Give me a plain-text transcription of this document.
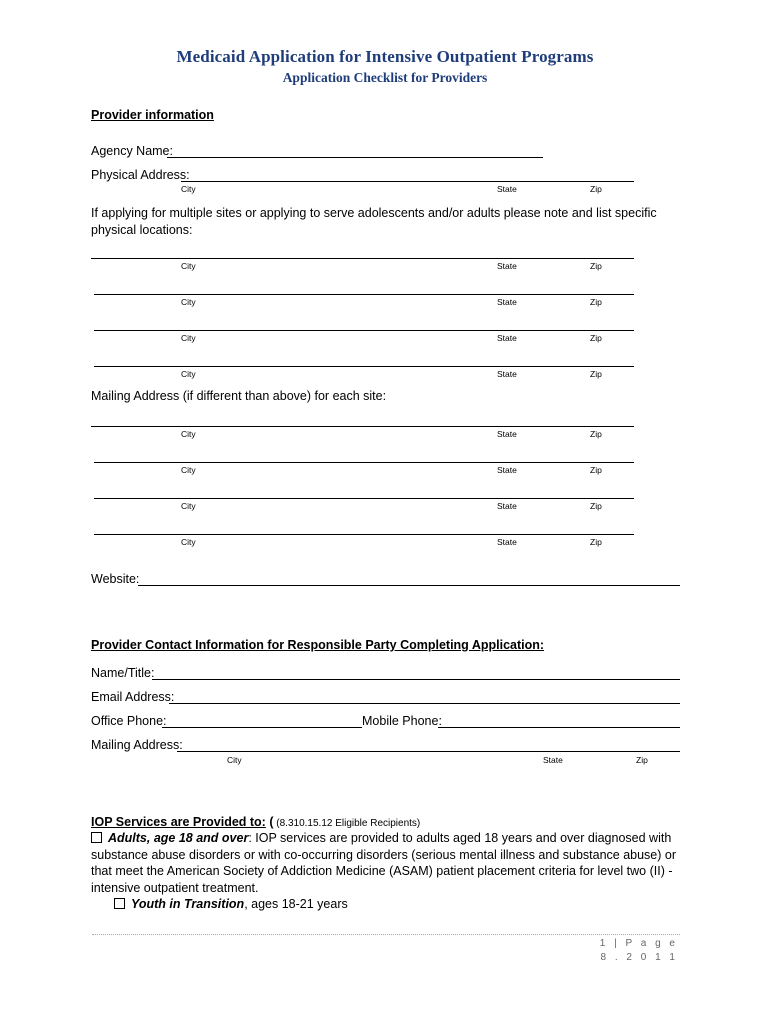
Medicaid Application for Intensive Outpatient Programs
Application Checklist for Providers
Provider information
Agency Name:
Physical Address:
City	State	Zip
If applying for multiple sites or applying to serve adolescents and/or adults please note and list specific physical locations:
City	State	Zip
City	State	Zip
City	State	Zip
City	State	Zip
Mailing Address (if different than above) for each site:
City	State	Zip
City	State	Zip
City	State	Zip
City	State	Zip
Website:
Provider Contact Information for Responsible Party Completing Application:
Name/Title:
Email Address:
Office Phone:	Mobile Phone:
Mailing Address:
City	State	Zip
IOP Services are Provided to: ( (8.310.15.12 Eligible Recipients)
Adults, age 18 and over: IOP services are provided to adults aged 18 years and over diagnosed with substance abuse disorders or with co-occurring disorders (serious mental illness and substance abuse) or that meet the American Society of Addiction Medicine (ASAM) patient placement criteria for level two (II) - intensive outpatient treatment.
Youth in Transition, ages 18-21 years
1 | P a g e
8 . 2 0 1 1
